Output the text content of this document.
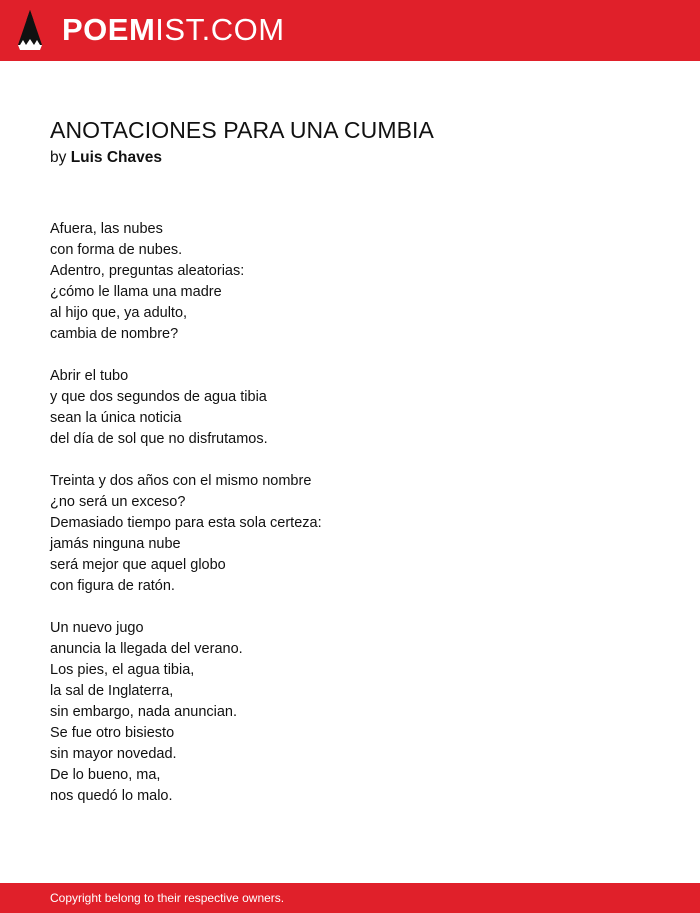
POEMIST.COM
ANOTACIONES PARA UNA CUMBIA
by Luis Chaves
Afuera, las nubes
con forma de nubes.
Adentro, preguntas aleatorias:
¿cómo le llama una madre
al hijo que, ya adulto,
cambia de nombre?
Abrir el tubo
y que dos segundos de agua tibia
sean la única noticia
del día de sol que no disfrutamos.
Treinta y dos años con el mismo nombre
¿no será un exceso?
Demasiado tiempo para esta sola certeza:
jamás ninguna nube
será mejor que aquel globo
con figura de ratón.
Un nuevo jugo
anuncia la llegada del verano.
Los pies, el agua tibia,
la sal de Inglaterra,
sin embargo, nada anuncian.
Se fue otro bisiesto
sin mayor novedad.
De lo bueno, ma,
nos quedó lo malo.
Copyright belong to their respective owners.
